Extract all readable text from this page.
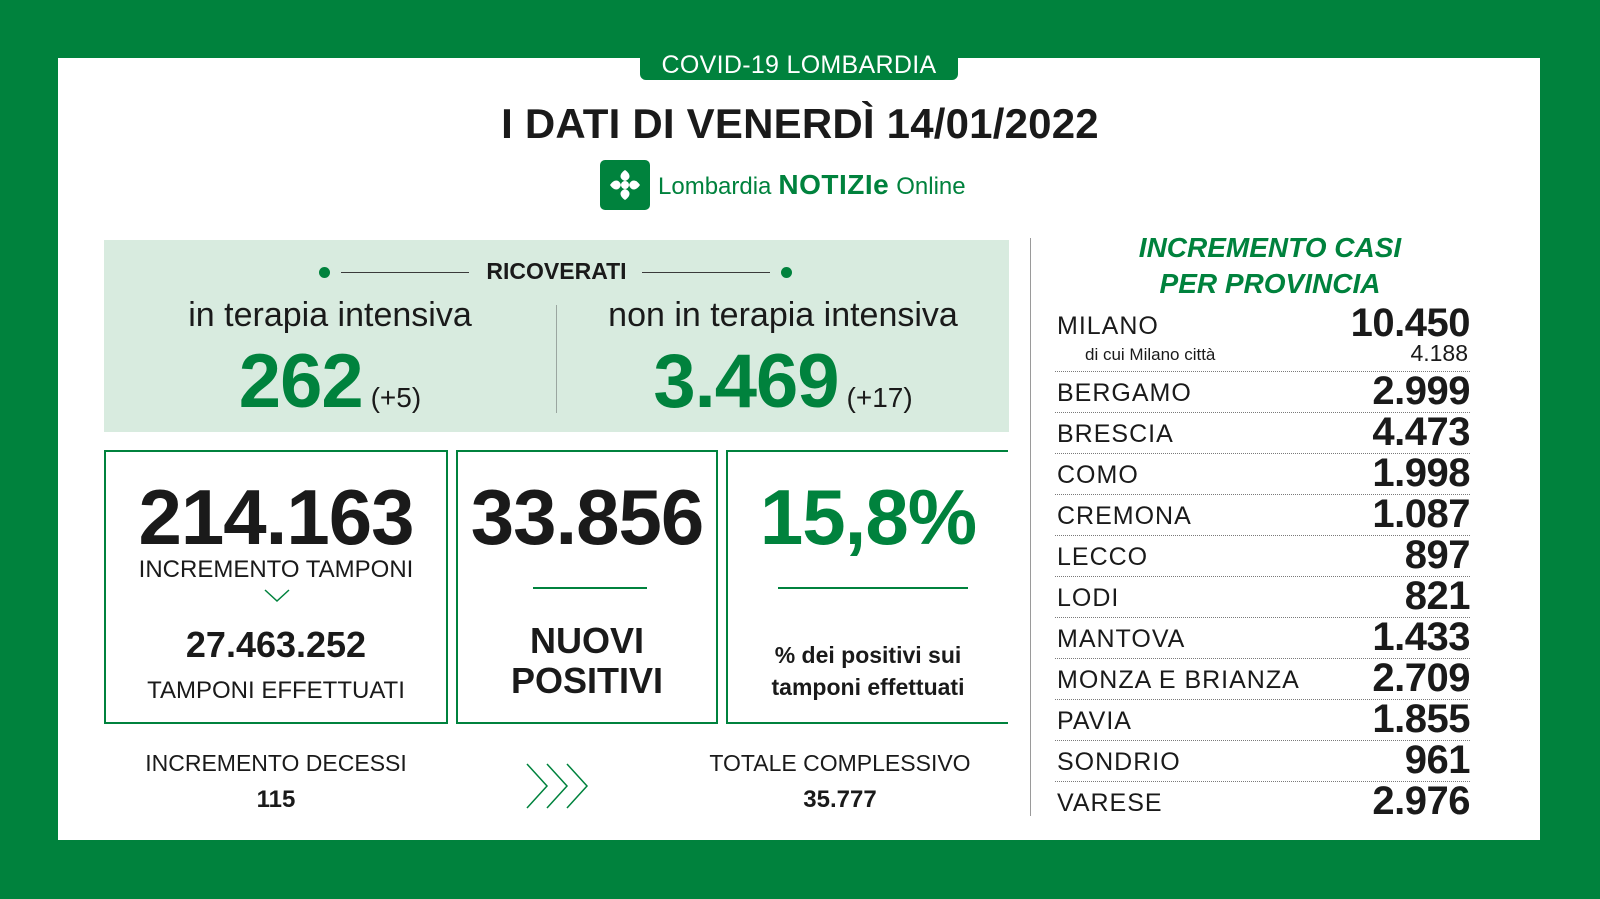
COVID-19 LOMBARDIA
I DATI DI VENERDÌ 14/01/2022
Lombardia NOTIZIe Online
RICOVERATI
in terapia intensiva
262 (+5)
non in terapia intensiva
3.469 (+17)
214.163
INCREMENTO TAMPONI
27.463.252
TAMPONI EFFETTUATI
33.856
NUOVI
POSITIVI
15,8%
% dei positivi sui
tamponi effettuati
INCREMENTO DECESSI
115
TOTALE COMPLESSIVO
35.777
INCREMENTO CASI
PER PROVINCIA
MILANO	10.450
di cui Milano città	4.188
BERGAMO	2.999
BRESCIA	4.473
COMO	1.998
CREMONA	1.087
LECCO	897
LODI	821
MANTOVA	1.433
MONZA E BRIANZA 2.709
PAVIA	1.855
SONDRIO	961
VARESE	2.976
